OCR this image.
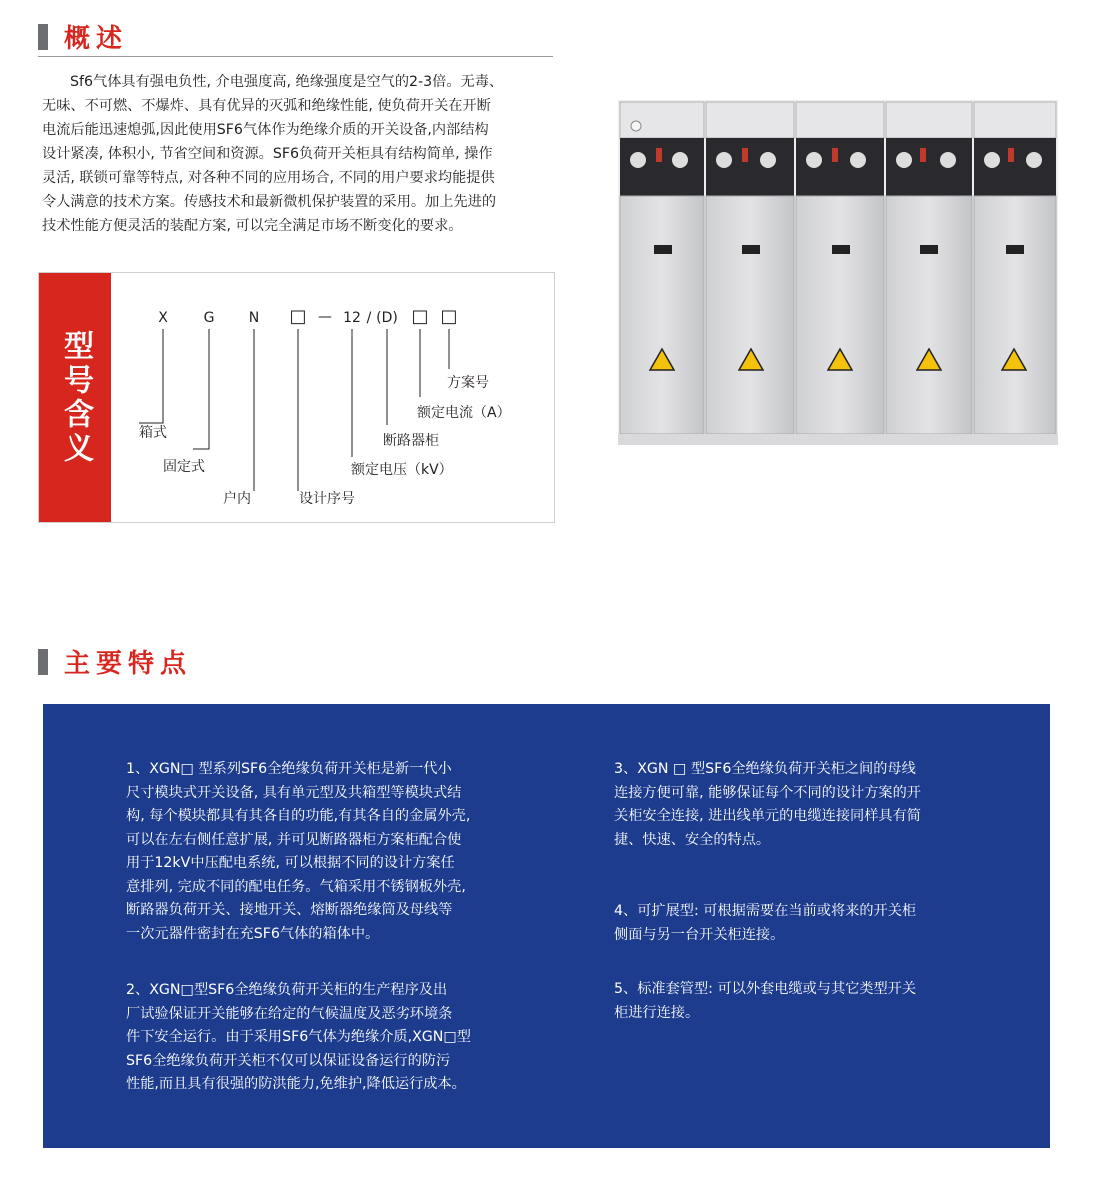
概述

Sf6气体具有强电负性, 介电强度高, 绝缘强度是空气的2-3倍。无毒、

无味、不可燃、不爆炸、具有优异的灭弧和绝缘性能, 使负荷开关在开断

电流后能迅速熄弧,因此使用SF6气体作为绝缘介质的开关设备,内部结构

设计紧凑, 体积小, 节省空间和资源。SF6负荷开关柜具有结构简单, 操作

灵活, 联锁可靠等特点, 对各种不同的应用场合, 不同的用户要求均能提供

令人满意的技术方案。传感技术和最新微机保护装置的采用。加上先进的

技术性能方便灵活的装配方案, 可以完全满足市场不断变化的要求。

型号含义
X	G N □ — 12 / (D) □ □
箱式
固定式
户内	设计序号
额定电压（kV）
断路器柜
额定电流（A）
方案号
主要特点
1、XGN□ 型系列SF6全绝缘负荷开关柜是新一代小
尺寸模块式开关设备, 具有单元型及共箱型等模块式结
构, 每个模块都具有其各自的功能,有其各自的金属外壳,
可以在左右侧任意扩展, 并可见断路器柜方案柜配合使
用于12kV中压配电系统, 可以根据不同的设计方案任
意排列, 完成不同的配电任务。气箱采用不锈钢板外壳,
断路器负荷开关、接地开关、熔断器绝缘筒及母线等
一次元器件密封在充SF6气体的箱体中。
2、XGN□型SF6全绝缘负荷开关柜的生产程序及出
厂试验保证开关能够在给定的气候温度及恶劣环境条
件下安全运行。由于采用SF6气体为绝缘介质,XGN□型
SF6全绝缘负荷开关柜不仅可以保证设备运行的防污
性能,而且具有很强的防洪能力,免维护,降低运行成本。
3、XGN □ 型SF6全绝缘负荷开关柜之间的母线
连接方便可靠, 能够保证每个不同的设计方案的开
关柜安全连接, 进出线单元的电缆连接同样具有简
捷、快速、安全的特点。
4、可扩展型: 可根据需要在当前或将来的开关柜
侧面与另一台开关柜连接。
5、标准套管型: 可以外套电缆或与其它类型开关
柜进行连接。
